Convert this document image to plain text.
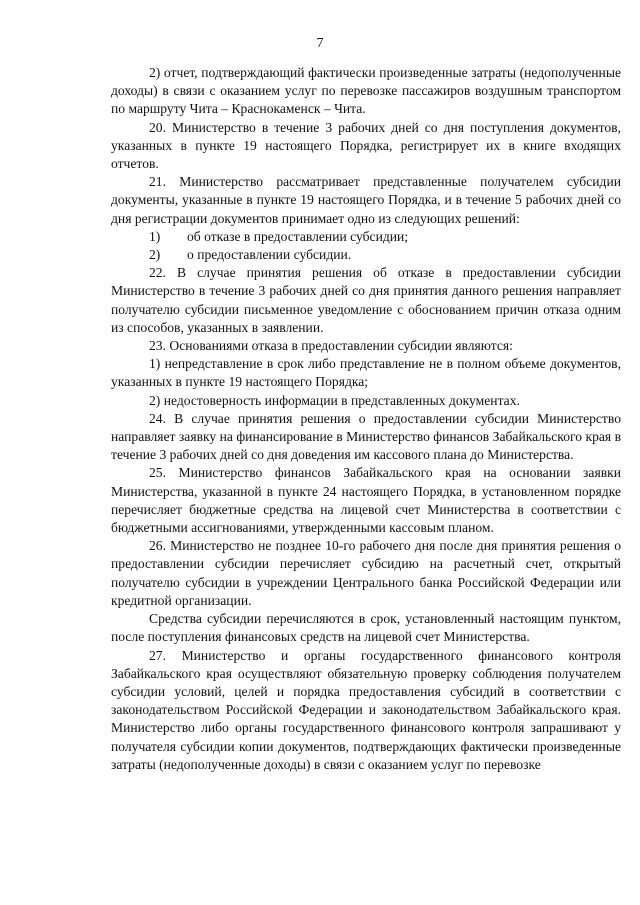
7

2) отчет, подтверждающий фактически произведенные затраты (недополученные доходы) в связи с оказанием услуг по перевозке пассажиров воздушным транспортом по маршруту Чита – Краснокаменск – Чита.

20. Министерство в течение 3 рабочих дней со дня поступления документов, указанных в пункте 19 настоящего Порядка, регистрирует их в книге входящих отчетов.

21. Министерство рассматривает представленные получателем субсидии документы, указанные в пункте 19 настоящего Порядка, и в течение 5 рабочих дней со дня регистрации документов принимает одно из следующих решений:

1)	об отказе в предоставлении субсидии;
2)	о предоставлении субсидии.

22. В случае принятия решения об отказе в предоставлении субсидии Министерство в течение 3 рабочих дней со дня принятия данного решения направляет получателю субсидии письменное уведомление с обоснованием причин отказа одним из способов, указанных в заявлении.

23. Основаниями отказа в предоставлении субсидии являются:

1) непредставление в срок либо представление не в полном объеме документов, указанных в пункте 19 настоящего Порядка;

2) недостоверность информации в представленных документах.

24. В случае принятия решения о предоставлении субсидии Министерство направляет заявку на финансирование в Министерство финансов Забайкальского края в течение 3 рабочих дней со дня доведения им кассового плана до Министерства.

25. Министерство финансов Забайкальского края на основании заявки Министерства, указанной в пункте 24 настоящего Порядка, в установленном порядке перечисляет бюджетные средства на лицевой счет Министерства в соответствии с бюджетными ассигнованиями, утвержденными кассовым планом.

26. Министерство не позднее 10-го рабочего дня после дня принятия решения о предоставлении субсидии перечисляет субсидию на расчетный счет, открытый получателю субсидии в учреждении Центрального банка Российской Федерации или кредитной организации.

Средства субсидии перечисляются в срок, установленный настоящим пунктом, после поступления финансовых средств на лицевой счет Министерства.

27. Министерство и органы государственного финансового контроля Забайкальского края осуществляют обязательную проверку соблюдения получателем субсидии условий, целей и порядка предоставления субсидий в соответствии с законодательством Российской Федерации и законодательством Забайкальского края. Министерство либо органы государственного финансового контроля запрашивают у получателя субсидии копии документов, подтверждающих фактически произведенные затраты (недополученные доходы) в связи с оказанием услуг по перевозке
